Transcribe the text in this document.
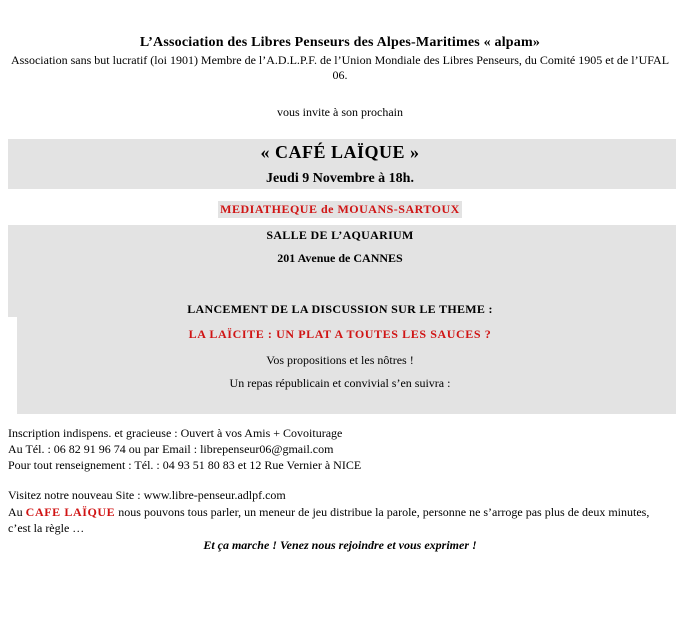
L’Association des Libres Penseurs des Alpes-Maritimes « alpam»
Association sans but lucratif (loi 1901) Membre de l’A.D.L.P.F. de l’Union Mondiale des Libres Penseurs, du Comité 1905 et de l’UFAL 06.
vous invite à son prochain
« CAFÉ LAÏQUE »
Jeudi 9 Novembre à 18h.
MEDIATHEQUE de MOUANS-SARTOUX
SALLE DE L’AQUARIUM
201 Avenue de CANNES
LANCEMENT DE LA DISCUSSION SUR LE THEME :
LA LAÏCITE : UN PLAT A TOUTES LES SAUCES ?
Vos propositions et les nôtres !
Un repas républicain et convivial s’en suivra :
Inscription indispens. et gracieuse : Ouvert à vos Amis + Covoiturage
Au Tél. : 06 82 91 96 74 ou par Email : librepenseur06@gmail.com
Pour tout renseignement : Tél. : 04 93 51 80 83 et 12 Rue Vernier à NICE
Visitez notre nouveau Site : www.libre-penseur.adlpf.com
Au CAFE LAÏQUE nous pouvons tous parler, un meneur de jeu distribue la parole, personne ne s’arroge pas plus de deux minutes, c’est la règle …
Et ça marche ! Venez nous rejoindre et vous exprimer !
